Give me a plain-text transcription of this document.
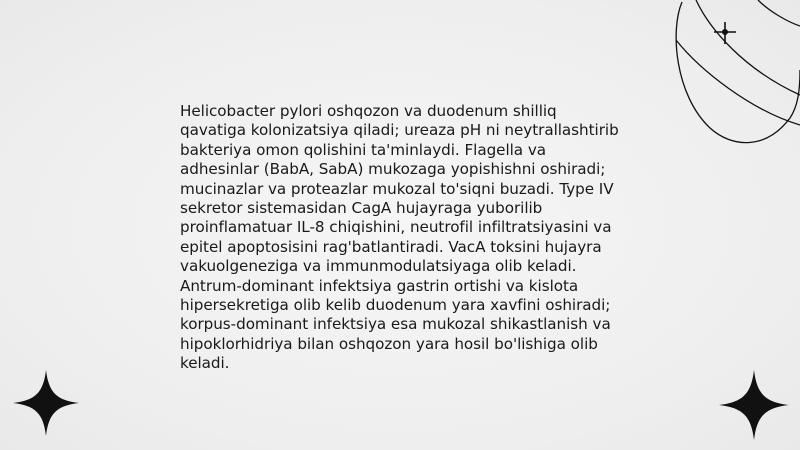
Helicobacter pylori oshqozon va duodenum shilliq qavatiga kolonizatsiya qiladi; ureaza pH ni neytrallashtirib bakteriya omon qolishini ta'minlaydi. Flagella va adhesinlar (BabA, SabA) mukozaga yopishishni oshiradi; mucinazlar va proteazlar mukozal to'siqni buzadi. Type IV sekretor sistemasidan CagA hujayraga yuborilib proinflamatuar IL-8 chiqishini, neutrofil infiltratsiyasini va epitel apoptosisini rag'batlantiradi. VacA toksini hujayra vakuolgeneziga va immunmodulatsiyaga olib keladi. Antrum-dominant infektsiya gastrin ortishi va kislota hipersekretiga olib kelib duodenum yara xavfini oshiradi; korpus-dominant infektsiya esa mukozal shikastlanish va hipoklorhidriya bilan oshqozon yara hosil bo'lishiga olib keladi.
